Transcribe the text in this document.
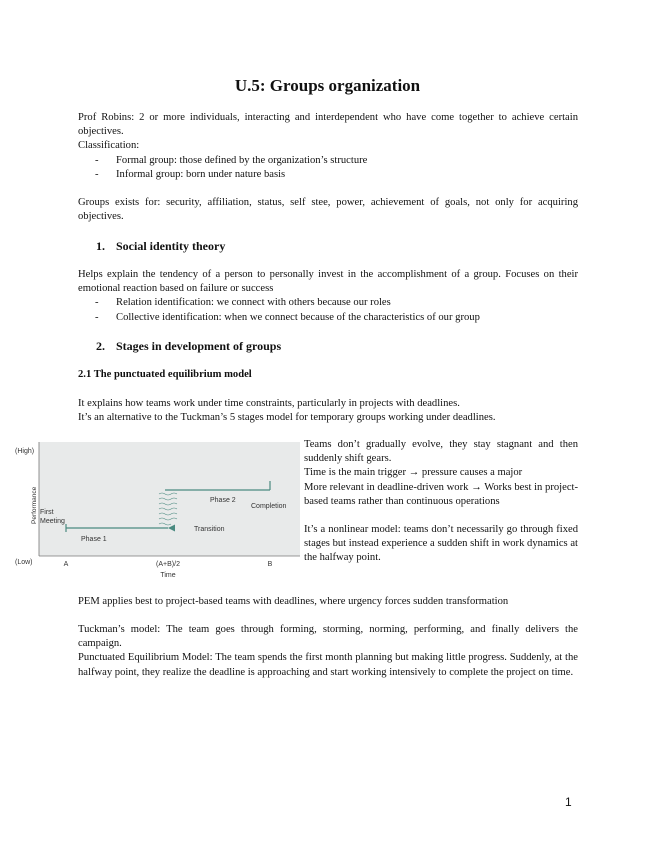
U.5: Groups organization

Prof Robins: 2 or more individuals, interacting and interdependent who have come together to achieve certain objectives.

Classification:

- Formal group: those defined by the organization’s structure
- Informal group: born under nature basis
Groups exists for: security, affiliation, status, self stee, power, achievement of goals, not only for acquiring objectives.
1. Social identity theory

Helps explain the tendency of a person to personally invest in the accomplishment of a group. Focuses on their emotional reaction based on failure or success

- Relation identification: we connect with others because our roles
- Collective identification: when we connect because of the characteristics of our group
2. Stages in development of groups
2.1 The punctuated equilibrium model

It explains how teams work under time constraints, particularly in projects with deadlines.

It’s an alternative to the Tuckman’s 5 stages model for temporary groups working under deadlines.

(High)
(Low)
Performance
A	(A+B)/2	B
Time
First
Meeting
Phase 1
Phase 2
Transition
Completion

Teams don’t gradually evolve, they stay stagnant and then suddenly shift gears.

Time is the main trigger → pressure causes a major

More relevant in deadline-driven work → Works best in project-based teams rather than continuous operations

It’s a nonlinear model: teams don’t necessarily go through fixed stages but instead experience a sudden shift in work dynamics at the halfway point.

PEM applies best to project-based teams with deadlines, where urgency forces sudden transformation

Tuckman’s model: The team goes through forming, storming, norming, performing, and finally delivers the campaign.

Punctuated Equilibrium Model: The team spends the first month planning but making little progress. Suddenly, at the halfway point, they realize the deadline is approaching and start working intensively to complete the project on time.

1
